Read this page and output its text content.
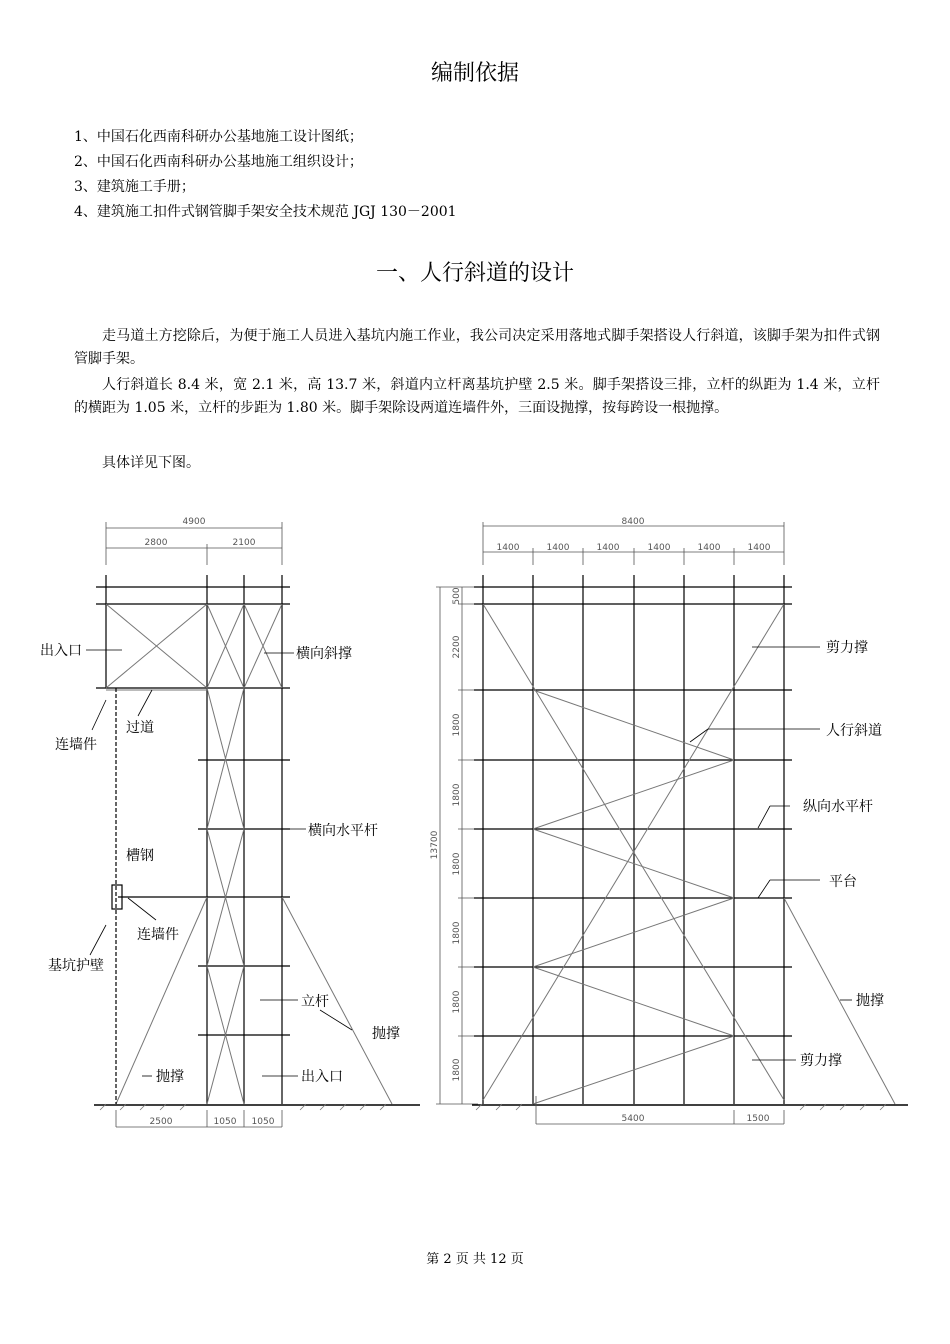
编制依据
1、中国石化西南科研办公基地施工设计图纸；
2、中国石化西南科研办公基地施工组织设计；
3、建筑施工手册；
4、建筑施工扣件式钢管脚手架安全技术规范 JGJ 130－2001
一、人行斜道的设计
走马道土方挖除后，为便于施工人员进入基坑内施工作业，我公司决定采用落地式脚手架搭设人行斜道，该脚手架为扣件式钢管脚手架。
人行斜道长 8.4 米，宽 2.1 米，高 13.7 米，斜道内立杆离基坑护壁 2.5 米。脚手架搭设三排，立杆的纵距为 1.4 米，立杆的横距为 1.05 米，立杆的步距为 1.80 米。脚手架除设两道连墙件外，三面设抛撑，按每跨设一根抛撑。
具体详见下图。
4900
2800	2100
2500	1050 1050
出入口	横向斜撑
过道
连墙件
横向水平杆
槽钢
连墙件
基坑护壁
立杆
抛撑
抛撑	出入口
8400
1400	1400	1400	1400	1400	1400
13700
500
2200
1800
1800
1800
1800
1800
1800
5400	1500
剪力撑
人行斜道
纵向水平杆
平台
抛撑
剪力撑
第 2 页 共 12 页
